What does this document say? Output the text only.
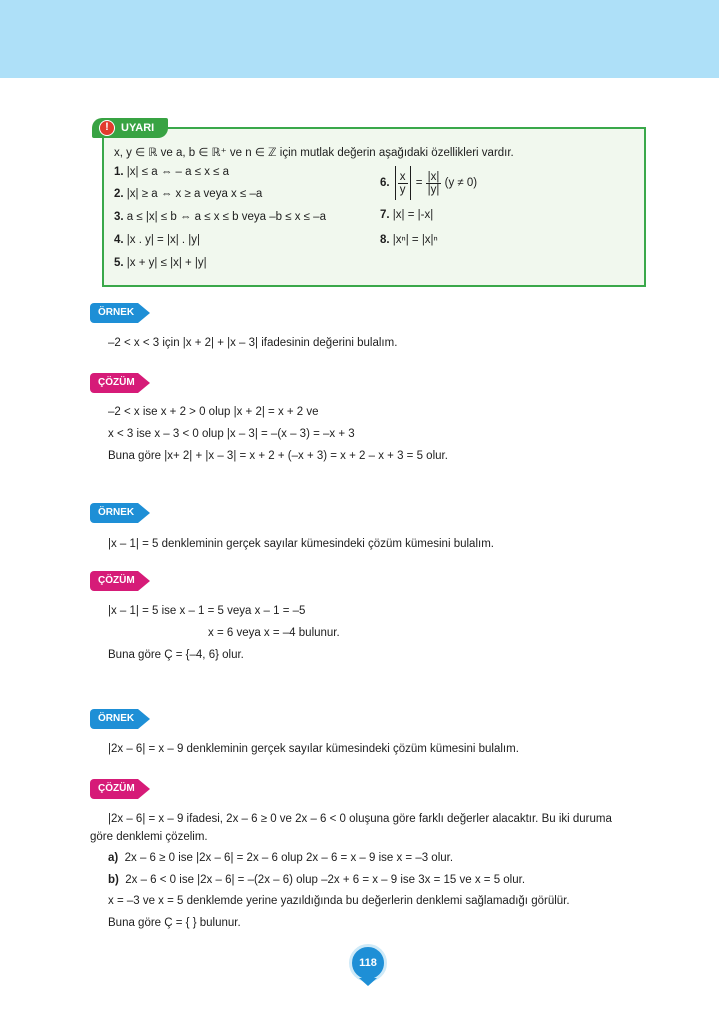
!	UYARI
x, y ∈ ℝ ve a, b ∈ ℝ⁺ ve n ∈ ℤ için mutlak değerin aşağıdaki özellikleri vardır.
1. |x| ≤ a ⇔ – a ≤ x ≤ a
2. |x| ≥ a ⇔ x ≥ a veya x ≤ –a
3. a ≤ |x| ≤ b ⇔ a ≤ x ≤ b veya –b ≤ x ≤ –a
4. |x . y| = |x| . |y|
5. |x + y| ≤ |x| + |y|
6. $\frac{x}{y} = \frac{|x|}{|y|} (y \ne 0)$
7. |x| = |-x|
8. |xⁿ| = |x|ⁿ
ÖRNEK
–2 < x < 3 için |x + 2| + |x – 3| ifadesinin değerini bulalım.
ÇÖZÜM
–2 < x ise x + 2 > 0 olup |x + 2| = x + 2 ve
x < 3 ise x – 3 < 0 olup |x – 3| = –(x – 3) = –x + 3
Buna göre |x+ 2| + |x – 3| = x + 2 + (–x + 3) = x + 2 – x + 3 = 5 olur.
ÖRNEK
|x – 1| = 5 denkleminin gerçek sayılar kümesindeki çözüm kümesini bulalım.
ÇÖZÜM
|x – 1| = 5 ise x – 1 = 5 veya x – 1 = –5
x = 6 veya x = –4 bulunur.
Buna göre Ç = {–4, 6} olur.
ÖRNEK
|2x – 6| = x – 9 denkleminin gerçek sayılar kümesindeki çözüm kümesini bulalım.
ÇÖZÜM
|2x – 6| = x – 9 ifadesi, 2x – 6 ≥ 0 ve 2x – 6 < 0 oluşuna göre farklı değerler alacaktır. Bu iki duruma
göre denklemi çözelim.
a) 2x – 6 ≥ 0 ise |2x – 6| = 2x – 6 olup 2x – 6 = x – 9 ise x = –3 olur.
b) 2x – 6 < 0 ise |2x – 6| = –(2x – 6) olup –2x + 6 = x – 9 ise 3x = 15 ve x = 5 olur.
x = –3 ve x = 5 denklemde yerine yazıldığında bu değerlerin denklemi sağlamadığı görülür.
Buna göre Ç = { } bulunur.
118
